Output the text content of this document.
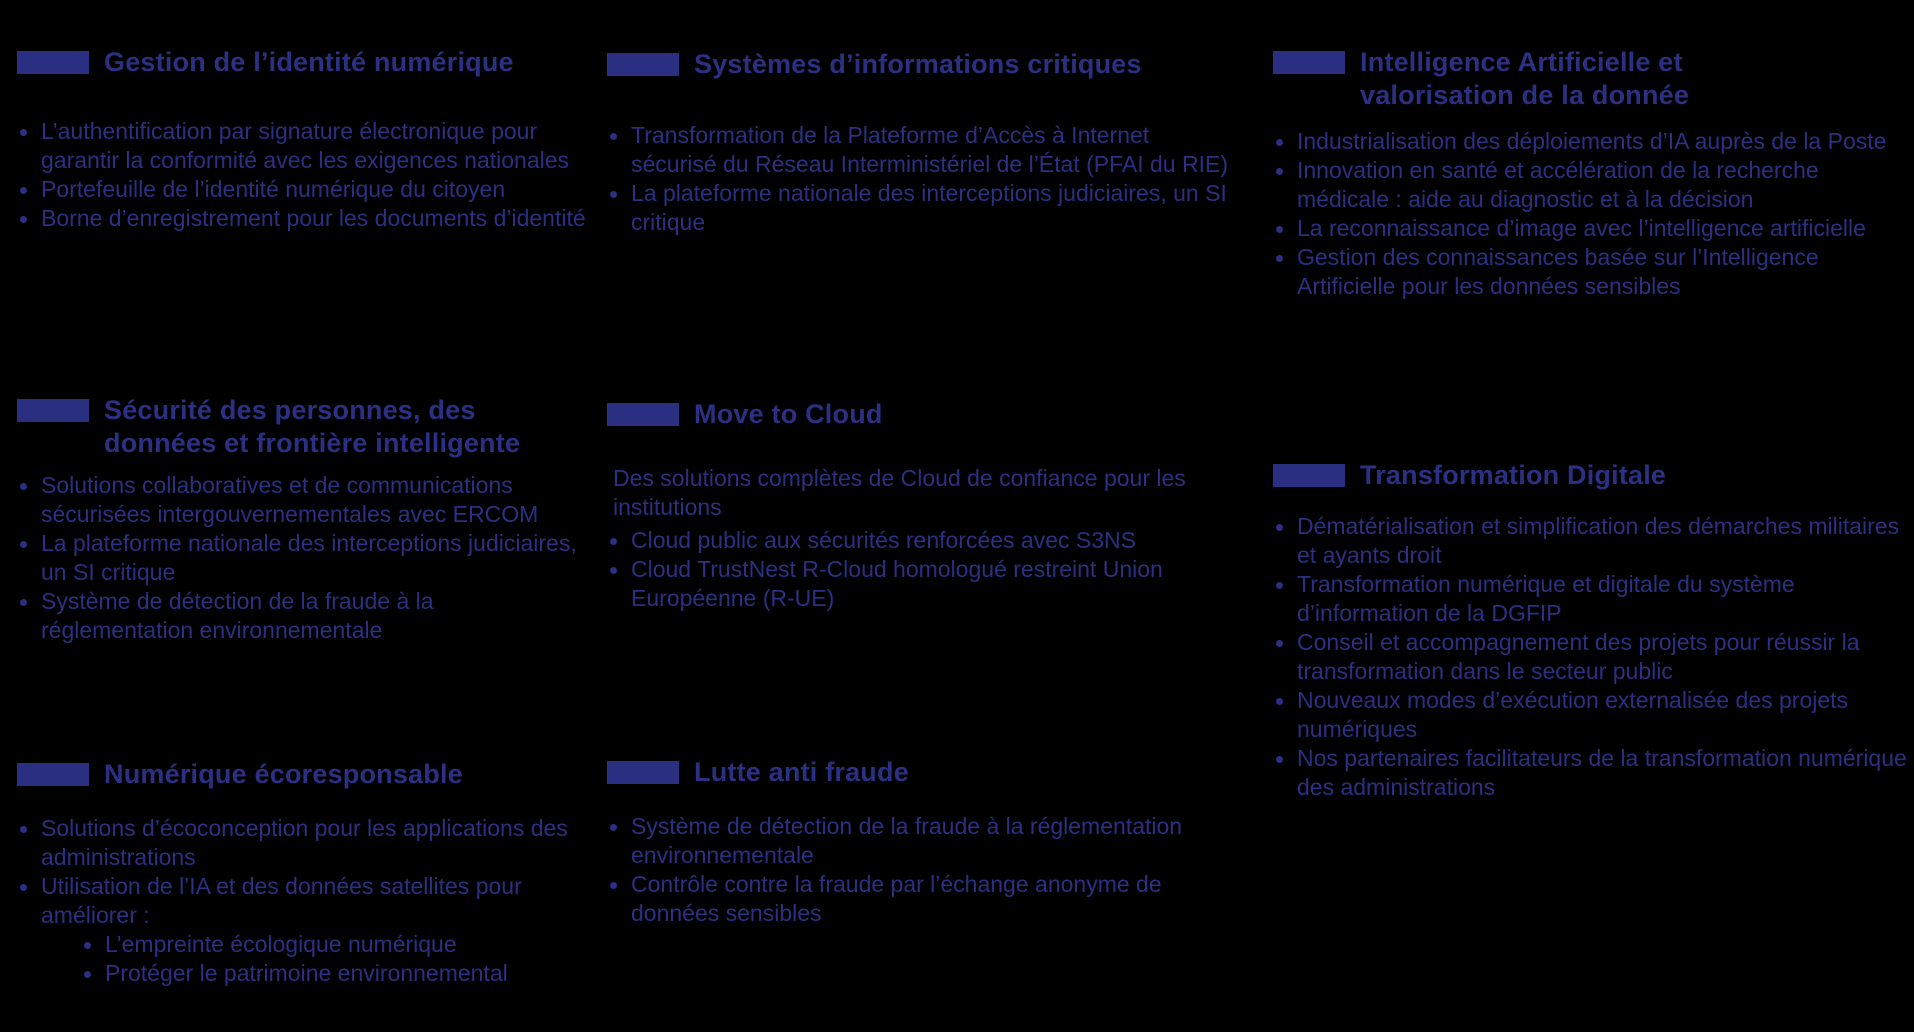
Gestion de l’identité numérique
L’authentification par signature électronique pour garantir la conformité avec les exigences nationales
Portefeuille de l’identité numérique du citoyen
Borne d’enregistrement pour les documents d’identité
Sécurité des personnes, des
données et frontière intelligente
Solutions collaboratives et de communications sécurisées intergouvernementales avec ERCOM
La plateforme nationale des interceptions judiciaires, un SI critique
Système de détection de la fraude à la réglementation environnementale
Numérique écoresponsable
Solutions d’écoconception pour les applications des administrations
Utilisation de l’IA et des données satellites pour améliorer :
L’empreinte écologique numérique
Protéger le patrimoine environnemental
Systèmes d’informations critiques
Transformation de la Plateforme d’Accès à Internet sécurisé du Réseau Interministériel de l’État (PFAI du RIE)
La plateforme nationale des interceptions judiciaires, un SI critique
Move to Cloud
Des solutions complètes de Cloud de confiance pour les institutions
Cloud public aux sécurités renforcées avec S3NS
Cloud TrustNest R-Cloud homologué restreint Union Européenne (R-UE)
Lutte anti fraude
Système de détection de la fraude à la réglementation environnementale
Contrôle contre la fraude par l’échange anonyme de données sensibles
Intelligence Artificielle et
valorisation de la donnée
Industrialisation des déploiements d’IA auprès de la Poste
Innovation en santé et accélération de la recherche médicale : aide au diagnostic et à la décision
La reconnaissance d’image avec l’intelligence artificielle
Gestion des connaissances basée sur l’Intelligence Artificielle pour les données sensibles
Transformation Digitale
Dématérialisation et simplification des démarches militaires et ayants droit
Transformation numérique et digitale du système d’information de la DGFIP
Conseil et accompagnement des projets pour réussir la transformation dans le secteur public
Nouveaux modes d’exécution externalisée des projets numériques
Nos partenaires facilitateurs de la transformation numérique des administrations
